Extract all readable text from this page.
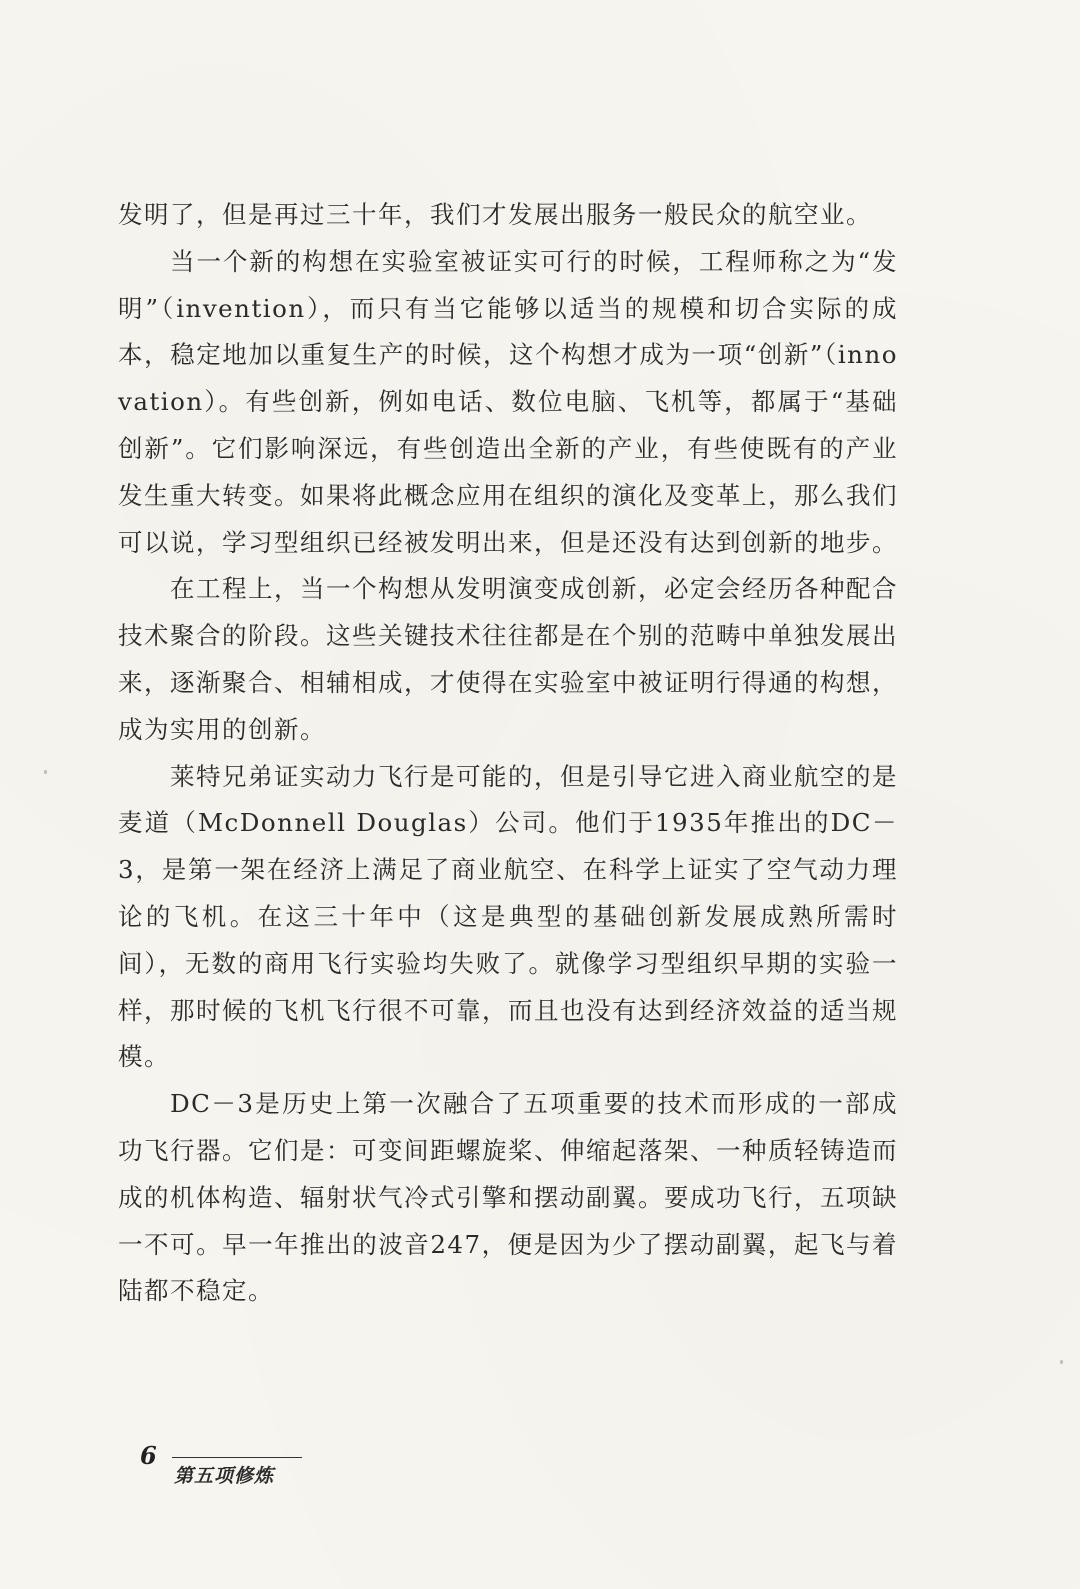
发明了，但是再过三十年，我们才发展出服务一般民众的航空业。

当一个新的构想在实验室被证实可行的时候，工程师称之为“发明”（invention），而只有当它能够以适当的规模和切合实际的成本，稳定地加以重复生产的时候，这个构想才成为一项“创新”（innovation）。有些创新，例如电话、数位电脑、飞机等，都属于“基础创新”。它们影响深远，有些创造出全新的产业，有些使既有的产业发生重大转变。如果将此概念应用在组织的演化及变革上，那么我们可以说，学习型组织已经被发明出来，但是还没有达到创新的地步。

在工程上，当一个构想从发明演变成创新，必定会经历各种配合技术聚合的阶段。这些关键技术往往都是在个别的范畴中单独发展出来，逐渐聚合、相辅相成，才使得在实验室中被证明行得通的构想，成为实用的创新。

莱特兄弟证实动力飞行是可能的，但是引导它进入商业航空的是麦道（McDonnell Douglas）公司。他们于1935年推出的DC－3，是第一架在经济上满足了商业航空、在科学上证实了空气动力理论的飞机。在这三十年中（这是典型的基础创新发展成熟所需时间），无数的商用飞行实验均失败了。就像学习型组织早期的实验一样，那时候的飞机飞行很不可靠，而且也没有达到经济效益的适当规模。

DC－3是历史上第一次融合了五项重要的技术而形成的一部成功飞行器。它们是：可变间距螺旋桨、伸缩起落架、一种质轻铸造而成的机体构造、辐射状气冷式引擎和摆动副翼。要成功飞行，五项缺一不可。早一年推出的波音247，便是因为少了摆动副翼，起飞与着陆都不稳定。

6
第五项修炼
